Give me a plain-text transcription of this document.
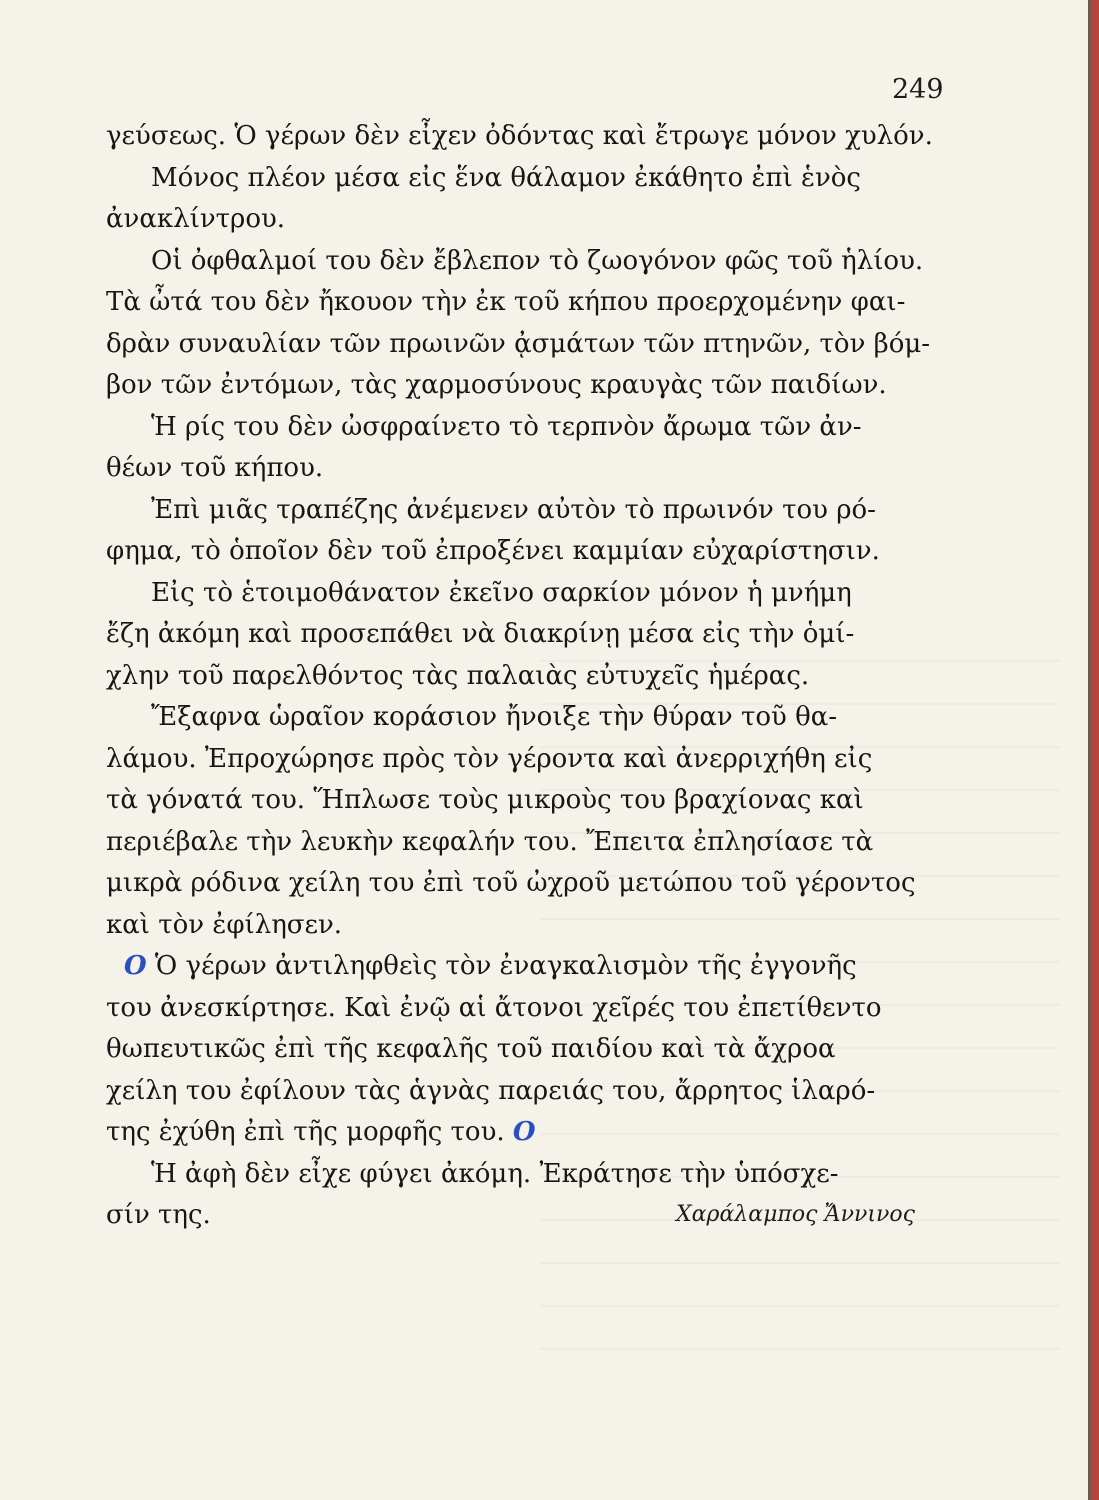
249
γεύσεως. Ὁ γέρων δὲν εἶχεν ὀδόντας καὶ ἔτρωγε μόνον χυλόν.
Μόνος πλέον μέσα εἰς ἕνα θάλαμον ἐκάθητο ἐπὶ ἑνὸς
ἀνακλίντρου.
Οἱ ὀφθαλμοί του δὲν ἔβλεπον τὸ ζωογόνον φῶς τοῦ ἡλίου.
Τὰ ὦτά του δὲν ἤκουον τὴν ἐκ τοῦ κήπου προερχομένην φαι-
δρὰν συναυλίαν τῶν πρωινῶν ᾀσμάτων τῶν πτηνῶν, τὸν βόμ-
βον τῶν ἐντόμων, τὰς χαρμοσύνους κραυγὰς τῶν παιδίων.
Ἡ ρίς του δὲν ὠσφραίνετο τὸ τερπνὸν ἄρωμα τῶν ἀν-
θέων τοῦ κήπου.
Ἐπὶ μιᾶς τραπέζης ἀνέμενεν αὐτὸν τὸ πρωινόν του ρό-
φημα, τὸ ὁποῖον δὲν τοῦ ἐπροξένει καμμίαν εὐχαρίστησιν.
Εἰς τὸ ἑτοιμοθάνατον ἐκεῖνο σαρκίον μόνον ἡ μνήμη
ἔζη ἀκόμη καὶ προσεπάθει νὰ διακρίνῃ μέσα εἰς τὴν ὁμί-
χλην τοῦ παρελθόντος τὰς παλαιὰς εὐτυχεῖς ἡμέρας.
Ἔξαφνα ὡραῖον κοράσιον ἤνοιξε τὴν θύραν τοῦ θα-
λάμου. Ἐπροχώρησε πρὸς τὸν γέροντα καὶ ἀνερριχήθη εἰς
τὰ γόνατά του. Ἥπλωσε τοὺς μικροὺς του βραχίονας καὶ
περιέβαλε τὴν λευκὴν κεφαλήν του. Ἔπειτα ἐπλησίασε τὰ
μικρὰ ρόδινα χείλη του ἐπὶ τοῦ ὠχροῦ μετώπου τοῦ γέροντος
καὶ τὸν ἐφίλησεν.
Ο Ὁ γέρων ἀντιληφθεὶς τὸν ἐναγκαλισμὸν τῆς ἐγγονῆς
του ἀνεσκίρτησε. Καὶ ἐνῷ αἱ ἄτονοι χεῖρές του ἐπετίθεντο
θωπευτικῶς ἐπὶ τῆς κεφαλῆς τοῦ παιδίου καὶ τὰ ἄχροα
χείλη του ἐφίλουν τὰς ἁγνὰς παρειάς του, ἄρρητος ἱλαρό-
της ἐχύθη ἐπὶ τῆς μορφῆς του. Ο
Ἡ ἀφὴ δὲν εἶχε φύγει ἀκόμη. Ἐκράτησε τὴν ὑπόσχε-
σίν της.	Χαράλαμπος Ἄννινος
